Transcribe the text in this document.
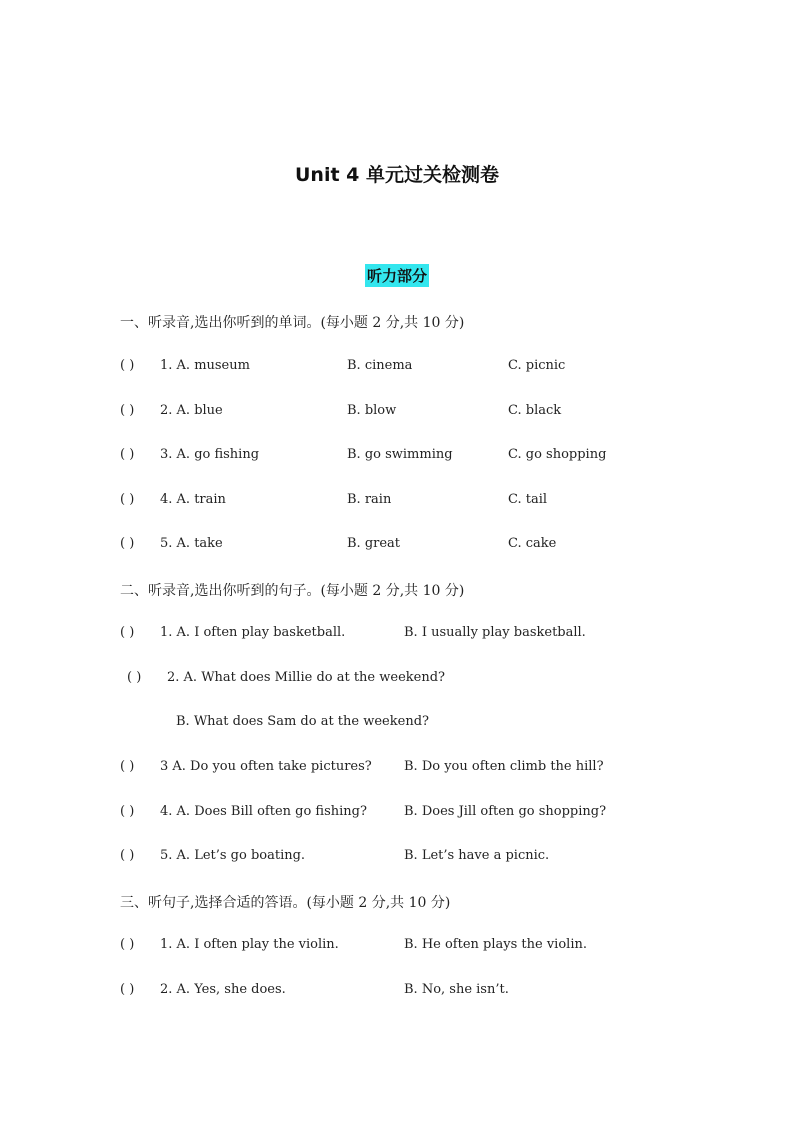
Unit 4 单元过关检测卷
听力部分
一、听录音,选出你听到的单词。(每小题 2 分,共 10 分)
( ) 1. A. museum	B. cinema	C. picnic
( ) 2. A. blue	B. blow	C. black
( ) 3. A. go fishing	B. go swimming	C. go shopping
( ) 4. A. train	B. rain	C. tail
( ) 5. A. take	B. great	C. cake
二、听录音,选出你听到的句子。(每小题 2 分,共 10 分)
( ) 1. A. I often play basketball.	B. I usually play basketball.
( ) 2. A. What does Millie do at the weekend?
B. What does Sam do at the weekend?
( ) 3 A. Do you often take pictures? B. Do you often climb the hill?
( ) 4. A. Does Bill often go fishing?	B. Does Jill often go shopping?
( ) 5. A. Let’s go boating.	B. Let’s have a picnic.
三、听句子,选择合适的答语。(每小题 2 分,共 10 分)
( ) 1. A. I often play the violin.	B. He often plays the violin.
( ) 2. A. Yes, she does.	B. No, she isn’t.
